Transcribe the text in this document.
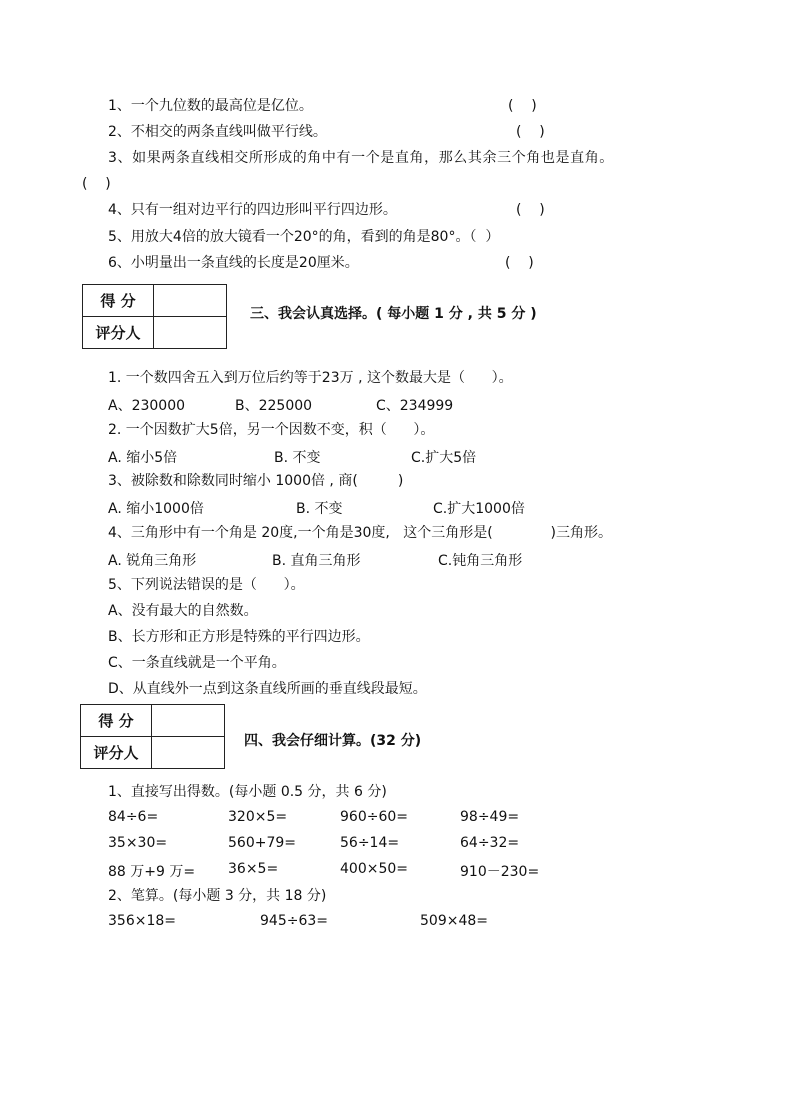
1、一个九位数的最高位是亿位。	(    )
2、不相交的两条直线叫做平行线。	(    )
3、如果两条直线相交所形成的角中有一个是直角，那么其余三个角也是直角。
(    )
4、只有一组对边平行的四边形叫平行四边形。	(    )
5、用放大4倍的放大镜看一个20°的角，看到的角是80°。（  ）
6、小明量出一条直线的长度是20厘米。	(    )
得 分	
评分人	
三、我会认真选择。( 每小题 1 分 , 共 5 分 )
1. 一个数四舍五入到万位后约等于23万 , 这个数最大是（      ）。
A、230000	B、225000	C、234999
2. 一个因数扩大5倍，另一个因数不变，积（      ）。
A. 缩小5倍	B. 不变	C.扩大5倍
3、被除数和除数同时缩小 1000倍 , 商(         )
A. 缩小1000倍	B. 不变	C.扩大1000倍
4、三角形中有一个角是 20度,一个角是30度,   这个三角形是(             )三角形。
A. 锐角三角形	B. 直角三角形	C.钝角三角形
5、下列说法错误的是（      ）。
A、没有最大的自然数。
B、长方形和正方形是特殊的平行四边形。
C、一条直线就是一个平角。
D、从直线外一点到这条直线所画的垂直线段最短。
得 分	
评分人	
四、我会仔细计算。(32 分)
1、直接写出得数。(每小题 0.5 分，共 6 分)
84÷6=	320×5=	960÷60=	98÷49=
35×30=	560+79=	56÷14=	64÷32=
88 万+9 万= 36×5=	400×50=	910－230=
2、笔算。(每小题 3 分，共 18 分)
356×18=	945÷63=	509×48=
